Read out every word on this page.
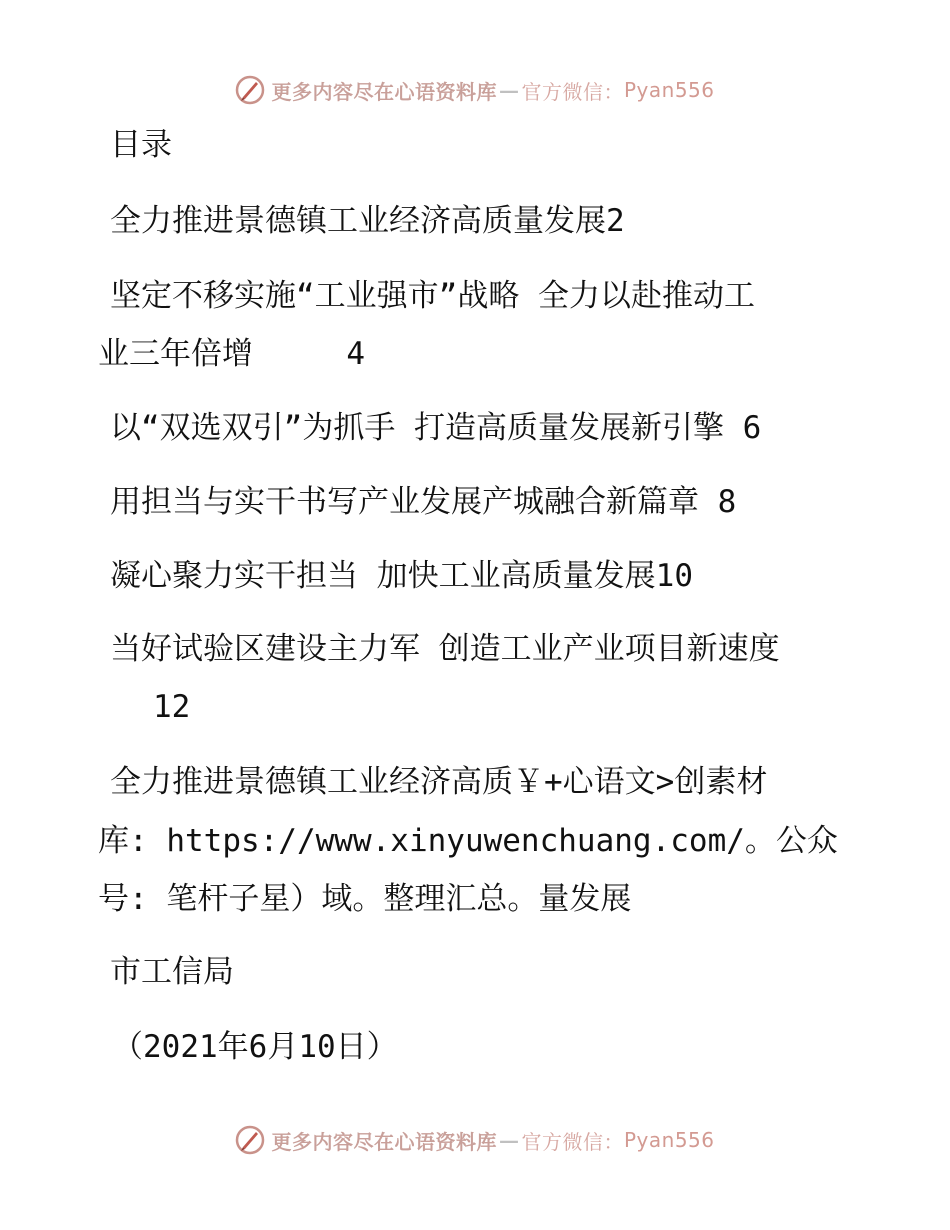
更多内容尽在心语资料库 — 官方微信： Pyan556
目录
全力推进景德镇工业经济高质量发展2
坚定不移实施“工业强市”战略 全力以赴推动工
业三年倍增     4
以“双选双引”为抓手 打造高质量发展新引擎 6
用担当与实干书写产业发展产城融合新篇章 8
凝心聚力实干担当 加快工业高质量发展10
当好试验区建设主力军 创造工业产业项目新速度
12
全力推进景德镇工业经济高质￥+心语文>创素材
库: https://www.xinyuwenchuang.com/。公众
号: 笔杆子星）域。整理汇总。量发展
市工信局
（2021年6月10日）
更多内容尽在心语资料库 — 官方微信： Pyan556
